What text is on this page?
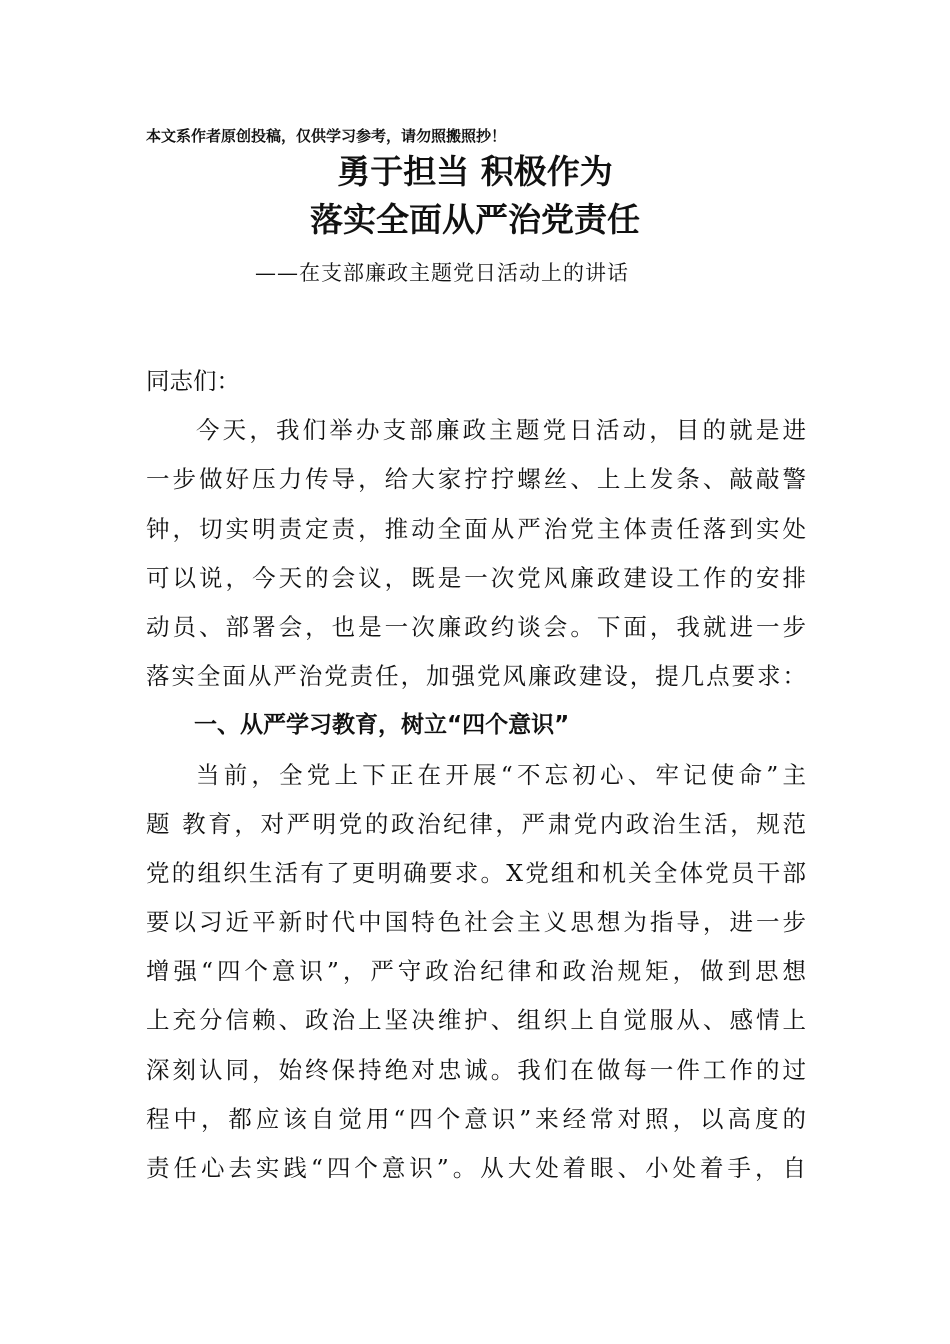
本文系作者原创投稿，仅供学习参考，请勿照搬照抄！
勇于担当 积极作为
落实全面从严治党责任
——在支部廉政主题党日活动上的讲话
同志们：
今天，我们举办支部廉政主题党日活动，目的就是进
一步做好压力传导，给大家拧拧螺丝、上上发条、敲敲警
钟，切实明责定责，推动全面从严治党主体责任落到实处
可以说，今天的会议，既是一次党风廉政建设工作的安排
动员、部署会，也是一次廉政约谈会。下面，我就进一步
落实全面从严治党责任，加强党风廉政建设，提几点要求：
一、从严学习教育，树立“四个意识”
当前，全党上下正在开展“不忘初心、牢记使命”主
题 教育，对严明党的政治纪律，严肃党内政治生活，规范
党的组织生活有了更明确要求。X党组和机关全体党员干部
要以习近平新时代中国特色社会主义思想为指导，进一步
增强“四个意识”，严守政治纪律和政治规矩，做到思想
上充分信赖、政治上坚决维护、组织上自觉服从、感情上
深刻认同，始终保持绝对忠诚。我们在做每一件工作的过
程中，都应该自觉用“四个意识”来经常对照，以高度的
责任心去实践“四个意识”。从大处着眼、小处着手，自
